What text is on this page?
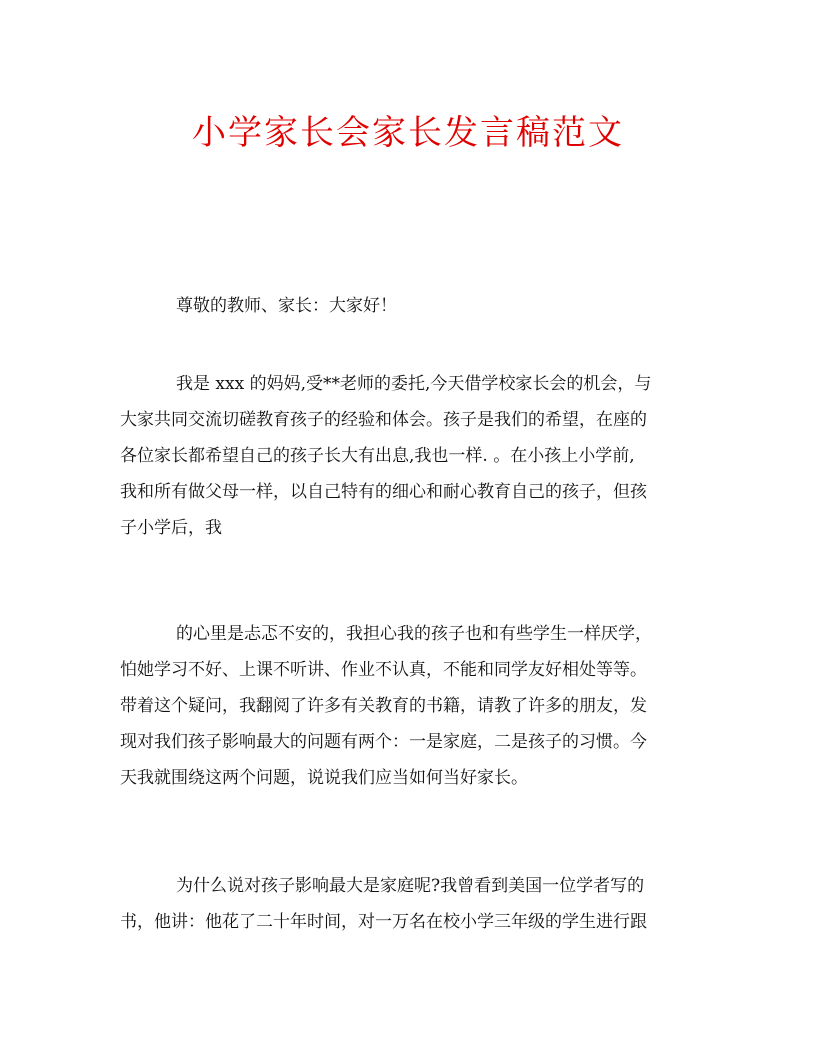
小学家长会家长发言稿范文

尊敬的教师、家长：大家好！

我是 xxx 的妈妈,受**老师的委托,今天借学校家长会的机会，与
大家共同交流切磋教育孩子的经验和体会。孩子是我们的希望，在座的
各位家长都希望自己的孩子长大有出息,我也一样. 。在小孩上小学前,
我和所有做父母一样，以自己特有的细心和耐心教育自己的孩子，但孩
子小学后，我

的心里是忐忑不安的，我担心我的孩子也和有些学生一样厌学，
怕她学习不好、上课不听讲、作业不认真，不能和同学友好相处等等。
带着这个疑问，我翻阅了许多有关教育的书籍，请教了许多的朋友，发
现对我们孩子影响最大的问题有两个：一是家庭，二是孩子的习惯。今
天我就围绕这两个问题，说说我们应当如何当好家长。

为什么说对孩子影响最大是家庭呢?我曾看到美国一位学者写的
书，他讲：他花了二十年时间，对一万名在校小学三年级的学生进行跟
